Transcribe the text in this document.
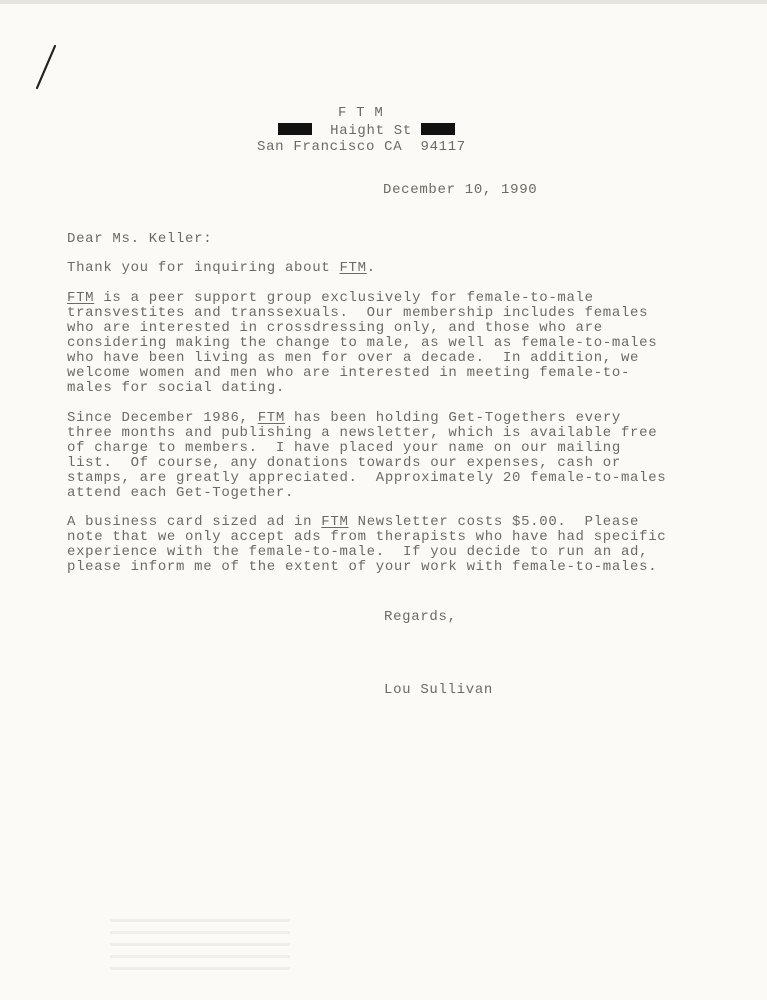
F T M
Haight St
San Francisco CA 94117
December 10, 1990
Dear Ms. Keller:
Thank you for inquiring about FTM.
FTM is a peer support group exclusively for female-to-male
transvestites and transsexuals.  Our membership includes females
who are interested in crossdressing only, and those who are
considering making the change to male, as well as female-to-males
who have been living as men for over a decade.  In addition, we
welcome women and men who are interested in meeting female-to-
males for social dating.
Since December 1986, FTM has been holding Get-Togethers every
three months and publishing a newsletter, which is available free
of charge to members.  I have placed your name on our mailing
list.  Of course, any donations towards our expenses, cash or
stamps, are greatly appreciated.  Approximately 20 female-to-males
attend each Get-Together.
A business card sized ad in FTM Newsletter costs $5.00.  Please
note that we only accept ads from therapists who have had specific
experience with the female-to-male.  If you decide to run an ad,
please inform me of the extent of your work with female-to-males.
Regards,
Lou Sullivan
